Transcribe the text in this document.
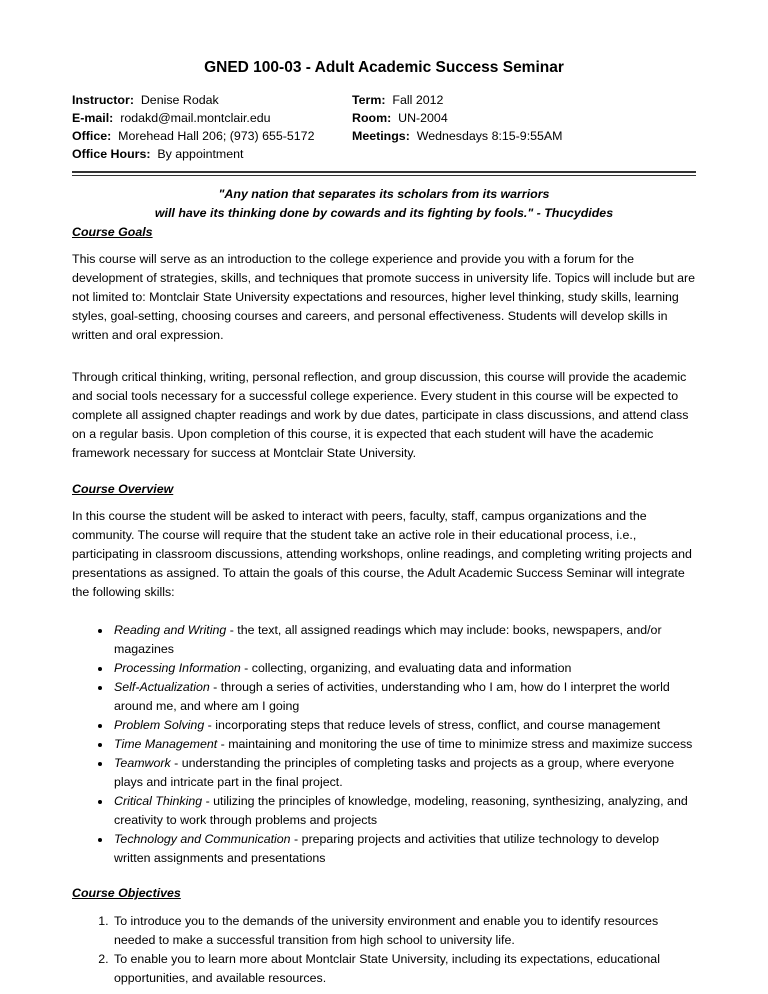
GNED 100-03 - Adult Academic Success Seminar
Instructor: Denise Rodak
E-mail: rodakd@mail.montclair.edu
Office: Morehead Hall 206; (973) 655-5172
Office Hours: By appointment
Term: Fall 2012
Room: UN-2004
Meetings: Wednesdays 8:15-9:55AM
"Any nation that separates its scholars from its warriors
will have its thinking done by cowards and its fighting by fools." - Thucydides

Course Goals

This course will serve as an introduction to the college experience and provide you with a forum for the development of strategies, skills, and techniques that promote success in university life. Topics will include but are not limited to: Montclair State University expectations and resources, higher level thinking, study skills, learning styles, goal-setting, choosing courses and careers, and personal effectiveness. Students will develop skills in written and oral expression.

Through critical thinking, writing, personal reflection, and group discussion, this course will provide the academic and social tools necessary for a successful college experience. Every student in this course will be expected to complete all assigned chapter readings and work by due dates, participate in class discussions, and attend class on a regular basis. Upon completion of this course, it is expected that each student will have the academic framework necessary for success at Montclair State University.

Course Overview

In this course the student will be asked to interact with peers, faculty, staff, campus organizations and the community. The course will require that the student take an active role in their educational process, i.e., participating in classroom discussions, attending workshops, online readings, and completing writing projects and presentations as assigned. To attain the goals of this course, the Adult Academic Success Seminar will integrate the following skills:

• Reading and Writing - the text, all assigned readings which may include: books, newspapers, and/or magazines
• Processing Information - collecting, organizing, and evaluating data and information
• Self-Actualization - through a series of activities, understanding who I am, how do I interpret the world around me, and where am I going
• Problem Solving - incorporating steps that reduce levels of stress, conflict, and course management
• Time Management - maintaining and monitoring the use of time to minimize stress and maximize success
• Teamwork - understanding the principles of completing tasks and projects as a group, where everyone plays and intricate part in the final project.
• Critical Thinking - utilizing the principles of knowledge, modeling, reasoning, synthesizing, analyzing, and creativity to work through problems and projects
• Technology and Communication - preparing projects and activities that utilize technology to develop written assignments and presentations

Course Objectives

1. To introduce you to the demands of the university environment and enable you to identify resources needed to make a successful transition from high school to university life.
2. To enable you to learn more about Montclair State University, including its expectations, educational opportunities, and available resources.
